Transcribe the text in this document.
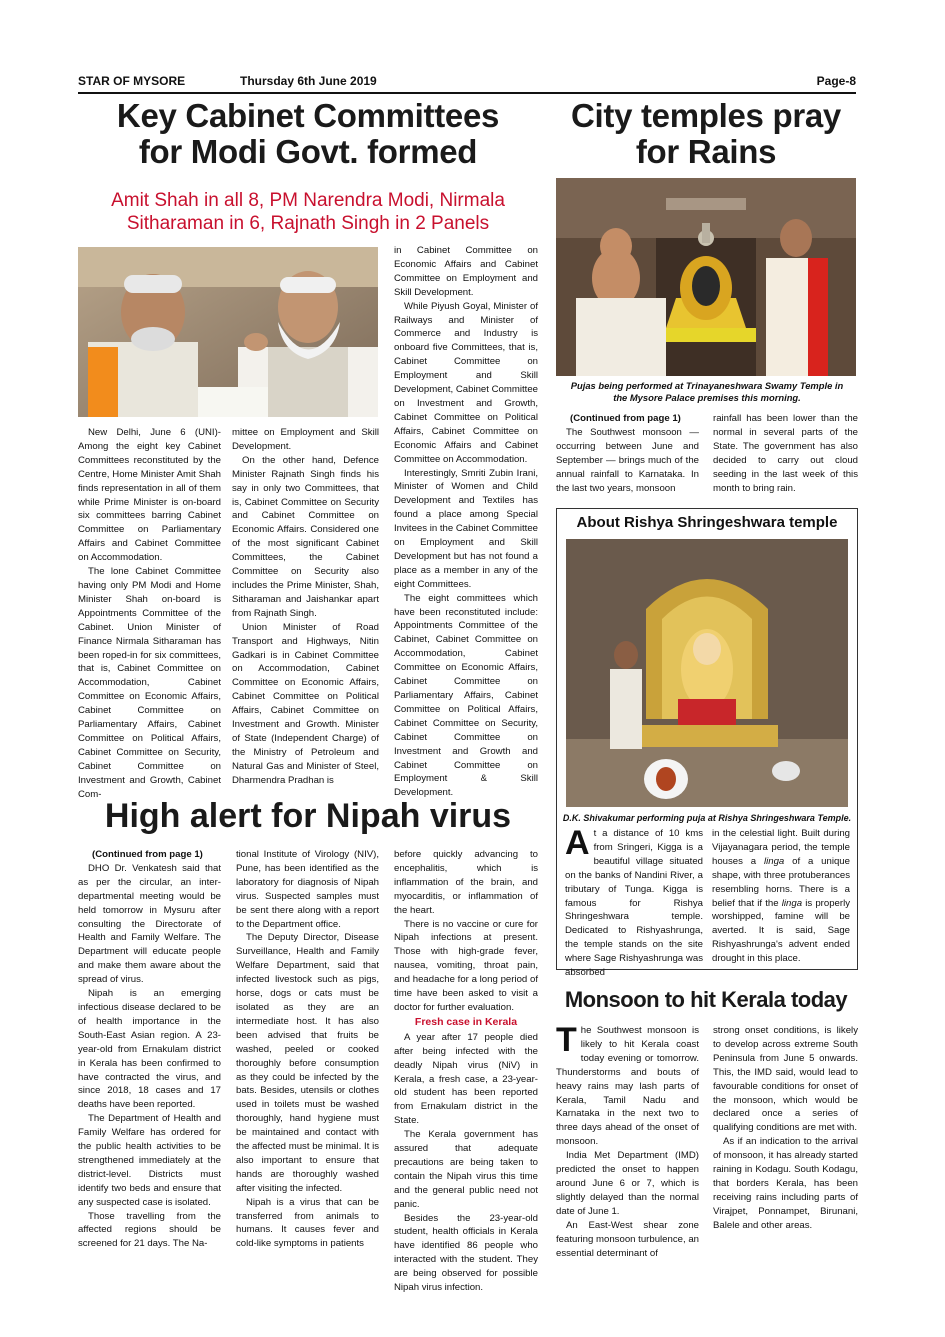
STAR OF MYSORE	Thursday 6th June 2019	Page-8

Key Cabinet Committees

for Modi Govt. formed

Amit Shah in all 8, PM Narendra Modi, Nirmala
Sitharaman in 6, Rajnath Singh in 2 Panels

New Delhi, June 6 (UNI)- Among the eight key Cabinet Committees reconstituted by the Centre, Home Minister Amit Shah finds representation in all of them while Prime Minister is on-board six committees barring Cabinet Committee on Parliamentary Affairs and Cabinet Committee on Accommodation.

The lone Cabinet Committee having only PM Modi and Home Minister Shah on-board is Appointments Committee of the Cabinet. Union Minister of Finance Nirmala Sitharaman has been roped-in for six committees, that is, Cabinet Committee on Accommodation, Cabinet Committee on Economic Affairs, Cabinet Committee on Parliamentary Affairs, Cabinet Committee on Political Affairs, Cabinet Committee on Security, Cabinet Committee on Investment and Growth, Cabinet Com-

mittee on Employment and Skill Development.

On the other hand, Defence Minister Rajnath Singh finds his say in only two Committees, that is, Cabinet Committee on Security and Cabinet Committee on Economic Affairs. Considered one of the most significant Cabinet Committees, the Cabinet Committee on Security also includes the Prime Minister, Shah, Sitharaman and Jaishankar apart from Rajnath Singh.

Union Minister of Road Transport and Highways, Nitin Gadkari is in Cabinet Committee on Accommodation, Cabinet Committee on Economic Affairs, Cabinet Committee on Political Affairs, Cabinet Committee on Investment and Growth. Minister of State (Independent Charge) of the Ministry of Petroleum and Natural Gas and Minister of Steel, Dharmendra Pradhan is

in Cabinet Committee on Economic Affairs and Cabinet Committee on Employment and Skill Development.

While Piyush Goyal, Minister of Railways and Minister of Commerce and Industry is onboard five Committees, that is, Cabinet Committee on Employment and Skill Development, Cabinet Committee on Investment and Growth, Cabinet Committee on Political Affairs, Cabinet Committee on Economic Affairs and Cabinet Committee on Accommodation.

Interestingly, Smriti Zubin Irani, Minister of Women and Child Development and Textiles has found a place among Special Invitees in the Cabinet Committee on Employment and Skill Development but has not found a place as a member in any of the eight Committees.

The eight committees which have been reconstituted include: Appointments Committee of the Cabinet, Cabinet Committee on Accommodation, Cabinet Committee on Economic Affairs, Cabinet Committee on Parliamentary Affairs, Cabinet Committee on Political Affairs, Cabinet Committee on Security, Cabinet Committee on Investment and Growth and Cabinet Committee on Employment & Skill Development.

City temples pray

for Rains

Pujas being performed at Trinayaneshwara Swamy Temple in
the Mysore Palace premises this morning.

(Continued from page 1)

The Southwest monsoon — occurring between June and September — brings much of the annual rainfall to Karnataka. In the last two years, monsoon

rainfall has been lower than the normal in several parts of the State. The government has also decided to carry out cloud seeding in the last week of this month to bring rain.

About Rishya Shringeshwara temple
D.K. Shivakumar performing puja at Rishya Shringeshwara Temple.

At a distance of 10 kms from Sringeri, Kigga is a beautiful village situated on the banks of Nandini River, a tributary of Tunga. Kigga is famous for Rishya Shringeshwara temple. Dedicated to Rishyashrunga, the temple stands on the site where Sage Rishyashrunga was absorbed

in the celestial light. Built during Vijayanagara period, the temple houses a linga of a unique shape, with three protuberances resembling horns. There is a belief that if the linga is properly worshipped, famine will be averted. It is said, Sage Rishyashrunga's advent ended drought in this place.

High alert for Nipah virus

(Continued from page 1)

DHO Dr. Venkatesh said that as per the circular, an inter-departmental meeting would be held tomorrow in Mysuru after consulting the Directorate of Health and Family Welfare. The Department will educate people and make them aware about the spread of virus.

Nipah is an emerging infectious disease declared to be of health importance in the South-East Asian region. A 23-year-old from Ernakulam district in Kerala has been confirmed to have contracted the virus, and since 2018, 18 cases and 17 deaths have been reported.

The Department of Health and Family Welfare has ordered for the public health activities to be strengthened immediately at the district-level. Districts must identify two beds and ensure that any suspected case is isolated.

Those travelling from the affected regions should be screened for 21 days. The Na-

tional Institute of Virology (NIV), Pune, has been identified as the laboratory for diagnosis of Nipah virus. Suspected samples must be sent there along with a report to the Department office.

The Deputy Director, Disease Surveillance, Health and Family Welfare Department, said that infected livestock such as pigs, horse, dogs or cats must be isolated as they are an intermediate host. It has also been advised that fruits be washed, peeled or cooked thoroughly before consumption as they could be infected by the bats. Besides, utensils or clothes used in toilets must be washed thoroughly, hand hygiene must be maintained and contact with the affected must be minimal. It is also important to ensure that hands are thoroughly washed after visiting the infected.

Nipah is a virus that can be transferred from animals to humans. It causes fever and cold-like symptoms in patients

before quickly advancing to encephalitis, which is inflammation of the brain, and myocarditis, or inflammation of the heart.

There is no vaccine or cure for Nipah infections at present. Those with high-grade fever, nausea, vomiting, throat pain, and headache for a long period of time have been asked to visit a doctor for further evaluation.

Fresh case in Kerala

A year after 17 people died after being infected with the deadly Nipah virus (NiV) in Kerala, a fresh case, a 23-year-old student has been reported from Ernakulam district in the State.

The Kerala government has assured that adequate precautions are being taken to contain the Nipah virus this time and the general public need not panic.

Besides the 23-year-old student, health officials in Kerala have identified 86 people who interacted with the student. They are being observed for possible Nipah virus infection.

Monsoon to hit Kerala today

The Southwest monsoon is likely to hit Kerala coast today evening or tomorrow. Thunderstorms and bouts of heavy rains may lash parts of Kerala, Tamil Nadu and Karnataka in the next two to three days ahead of the onset of monsoon.

India Met Department (IMD) predicted the onset to happen around June 6 or 7, which is slightly delayed than the normal date of June 1.

An East-West shear zone featuring monsoon turbulence, an essential determinant of

strong onset conditions, is likely to develop across extreme South Peninsula from June 5 onwards. This, the IMD said, would lead to favourable conditions for onset of the monsoon, which would be declared once a series of qualifying conditions are met with.

As if an indication to the arrival of monsoon, it has already started raining in Kodagu. South Kodagu, that borders Kerala, has been receiving rains including parts of Virajpet, Ponnampet, Birunani, Balele and other areas.
